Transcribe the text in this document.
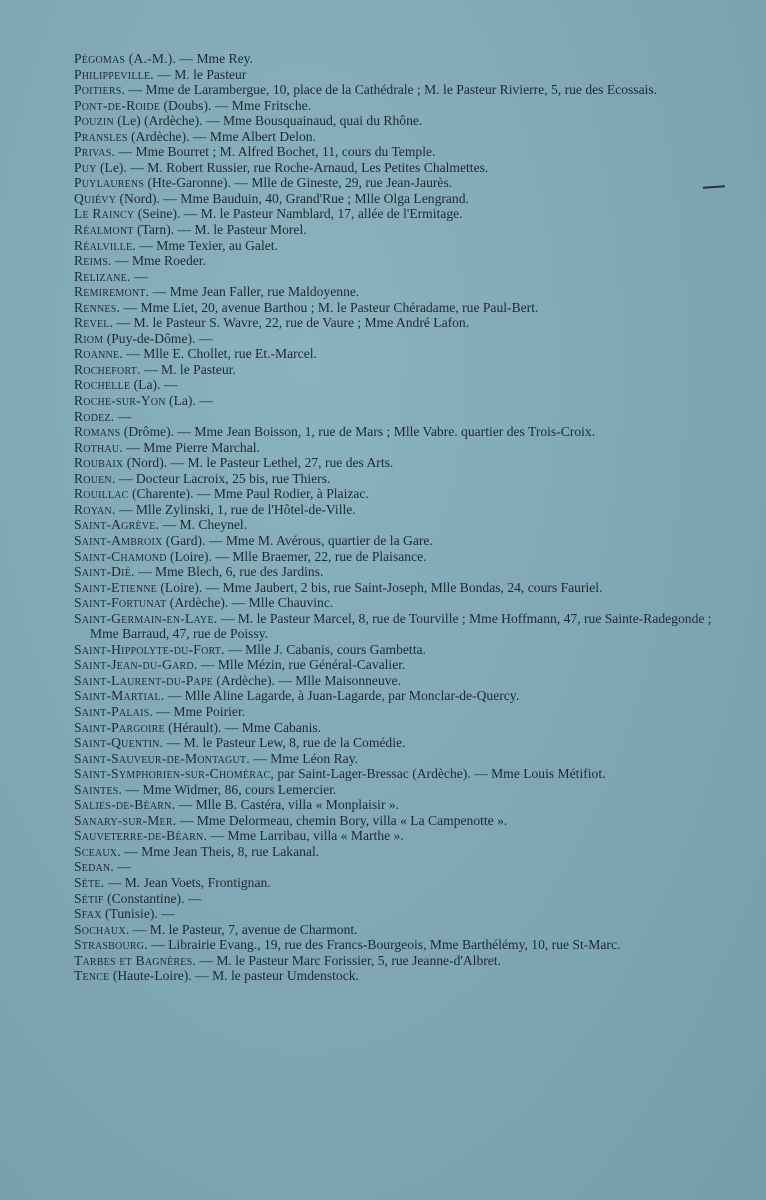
Pégomas (A.-M.). — Mme Rey.
Philippeville. — M. le Pasteur
Poitiers. — Mme de Larambergue, 10, place de la Cathédrale ; M. le Pasteur Rivierre, 5, rue des Ecossais.
Pont-de-Roide (Doubs). — Mme Fritsche.
Pouzin (Le) (Ardèche). — Mme Bousquainaud, quai du Rhône.
Pransles (Ardèche). — Mme Albert Delon.
Privas. — Mme Bourret ; M. Alfred Bochet, 11, cours du Temple.
Puy (Le). — M. Robert Russier, rue Roche-Arnaud, Les Petites Chalmettes.
Puylaurens (Hte-Garonne). — Mlle de Gineste, 29, rue Jean-Jaurès.
Quiévy (Nord). — Mme Bauduin, 40, Grand'Rue ; Mlle Olga Lengrand.
Le Raincy (Seine). — M. le Pasteur Namblard, 17, allée de l'Ermitage.
Réalmont (Tarn). — M. le Pasteur Morel.
Réalville. — Mme Texier, au Galet.
Reims. — Mme Roeder.
Relizane. —
Remiremont. — Mme Jean Faller, rue Maldoyenne.
Rennes. — Mme Liet, 20, avenue Barthou ; M. le Pasteur Chéradame, rue Paul-Bert.
Revel. — M. le Pasteur S. Wavre, 22, rue de Vaure ; Mme André Lafon.
Riom (Puy-de-Dôme). —
Roanne. — Mlle E. Chollet, rue Et.-Marcel.
Rochefort. — M. le Pasteur.
Rochelle (La). —
Roche-sur-Yon (La). —
Rodez. —
Romans (Drôme). — Mme Jean Boisson, 1, rue de Mars ; Mlle Vabre. quartier des Trois-Croix.
Rothau. — Mme Pierre Marchal.
Roubaix (Nord). — M. le Pasteur Lethel, 27, rue des Arts.
Rouen. — Docteur Lacroix, 25 bis, rue Thiers.
Rouillac (Charente). — Mme Paul Rodier, à Plaizac.
Royan. — Mlle Zylinski, 1, rue de l'Hôtel-de-Ville.
Saint-Agrève. — M. Cheynel.
Saint-Ambroix (Gard). — Mme M. Avérous, quartier de la Gare.
Saint-Chamond (Loire). — Mlle Braemer, 22, rue de Plaisance.
Saint-Dié. — Mme Blech, 6, rue des Jardins.
Saint-Etienne (Loire). — Mme Jaubert, 2 bis, rue Saint-Joseph, Mlle Bondas, 24, cours Fauriel.
Saint-Fortunat (Ardèche). — Mlle Chauvinc.
Saint-Germain-en-Laye. — M. le Pasteur Marcel, 8, rue de Tourville ; Mme Hoffmann, 47, rue Sainte-Radegonde ; Mme Barraud, 47, rue de Poissy.
Saint-Hippolyte-du-Fort. — Mlle J. Cabanis, cours Gambetta.
Saint-Jean-du-Gard. — Mlle Mézin, rue Général-Cavalier.
Saint-Laurent-du-Pape (Ardèche). — Mlle Maisonneuve.
Saint-Martial. — Mlle Aline Lagarde, à Juan-Lagarde, par Monclar-de-Quercy.
Saint-Palais. — Mme Poirier.
Saint-Pargoire (Hérault). — Mme Cabanis.
Saint-Quentin. — M. le Pasteur Lew, 8, rue de la Comédie.
Saint-Sauveur-de-Montagut. — Mme Léon Ray.
Saint-Symphorien-sur-Chomérac, par Saint-Lager-Bressac (Ardèche). — Mme Louis Métifiot.
Saintes. — Mme Widmer, 86, cours Lemercier.
Salies-de-Béarn. — Mlle B. Castéra, villa « Monplaisir ».
Sanary-sur-Mer. — Mme Delormeau, chemin Bory, villa « La Campenotte ».
Sauveterre-de-Béarn. — Mme Larribau, villa « Marthe ».
Sceaux. — Mme Jean Theis, 8, rue Lakanal.
Sedan. —
Sète. — M. Jean Voets, Frontignan.
Sétif (Constantine). —
Sfax (Tunisie). —
Sochaux. — M. le Pasteur, 7, avenue de Charmont.
Strasbourg. — Librairie Evang., 19, rue des Francs-Bourgeois, Mme Barthélémy, 10, rue St-Marc.
Tarbes et Bagnères. — M. le Pasteur Marc Forissier, 5, rue Jeanne-d'Albret.
Tence (Haute-Loire). — M. le pasteur Umdenstock.
